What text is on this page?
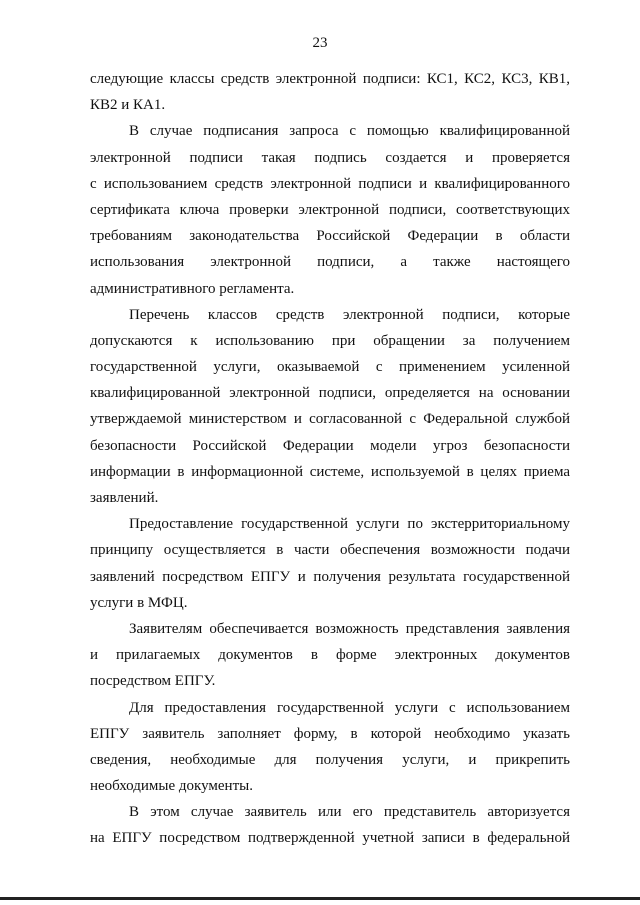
23
следующие классы средств электронной подписи: КС1, КС2, КС3, КВ1,
КВ2 и КА1.
В случае подписания запроса с помощью квалифицированной
электронной подписи такая подпись создается и проверяется
с использованием средств электронной подписи и квалифицированного
сертификата ключа проверки электронной подписи, соответствующих
требованиям законодательства Российской Федерации в области
использования электронной подписи, а также настоящего
административного регламента.
Перечень классов средств электронной подписи, которые
допускаются к использованию при обращении за получением
государственной услуги, оказываемой с применением усиленной
квалифицированной электронной подписи, определяется на основании
утверждаемой министерством и согласованной с Федеральной службой
безопасности Российской Федерации модели угроз безопасности
информации в информационной системе, используемой в целях приема
заявлений.
Предоставление государственной услуги по экстерриториальному
принципу осуществляется в части обеспечения возможности подачи
заявлений посредством ЕПГУ и получения результата государственной
услуги в МФЦ.
Заявителям обеспечивается возможность представления заявления
и прилагаемых документов в форме электронных документов
посредством ЕПГУ.
Для предоставления государственной услуги с использованием
ЕПГУ заявитель заполняет форму, в которой необходимо указать
сведения, необходимые для получения услуги, и прикрепить
необходимые документы.
В этом случае заявитель или его представитель авторизуется
на ЕПГУ посредством подтвержденной учетной записи в федеральной
